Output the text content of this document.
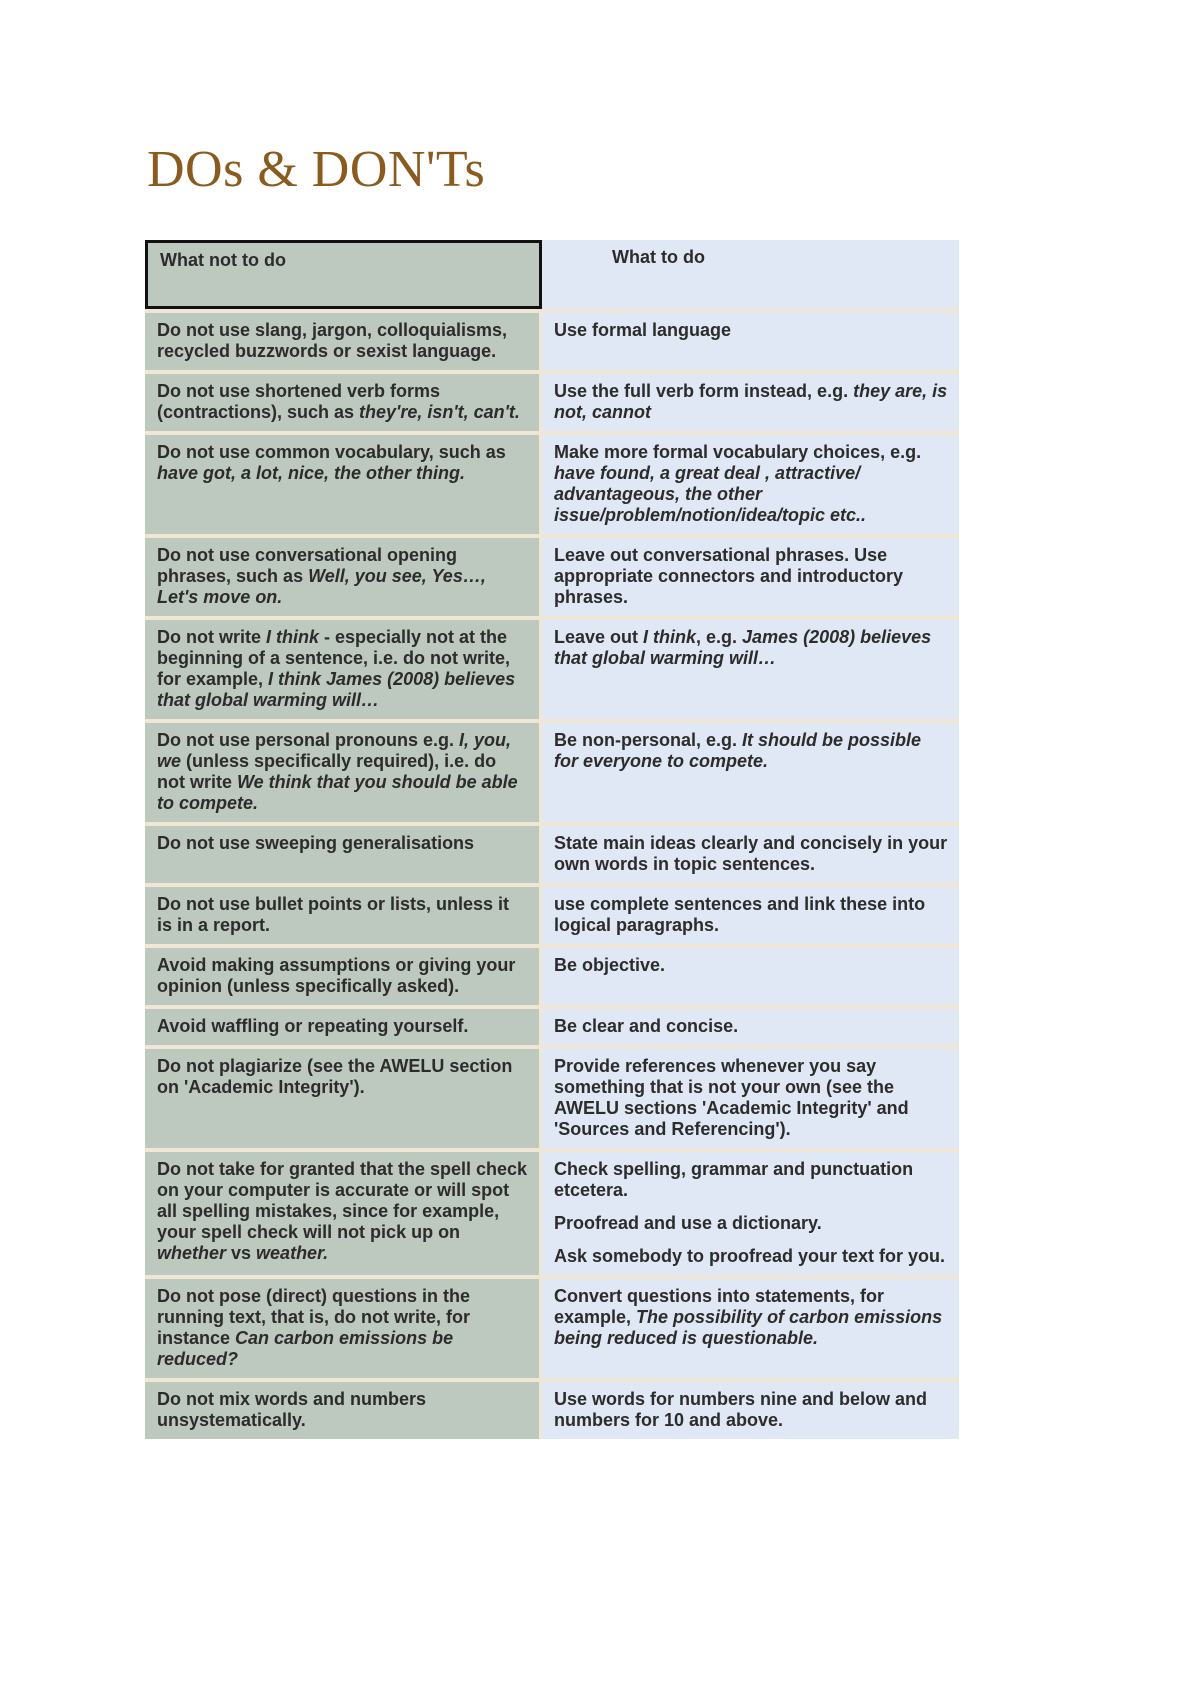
DOs & DON'Ts
What not to do	What to do
Do not use slang, jargon, colloquialisms, recycled buzzwords or sexist language.	Use formal language

Do not use shortened verb forms (contractions), such as they're, isn't, can't.	Use the full verb form instead, e.g. they are, is not, cannot

Do not use common vocabulary, such as have got, a lot, nice, the other thing.	Make more formal vocabulary choices, e.g. have found, a great deal , attractive/ advantageous, the other issue/problem/notion/idea/topic etc..

Do not use conversational opening phrases, such as Well, you see, Yes…, Let's move on.	Leave out conversational phrases. Use appropriate connectors and introductory phrases.

Do not write I think - especially not at the beginning of a sentence, i.e. do not write, for example, I think James (2008) believes that global warming will…	Leave out I think, e.g. James (2008) believes that global warming will…

Do not use personal pronouns e.g. I, you, we (unless specifically required), i.e. do not write We think that you should be able to compete.	Be non-personal, e.g. It should be possible for everyone to compete.

Do not use sweeping generalisations	State main ideas clearly and concisely in your own words in topic sentences.

Do not use bullet points or lists, unless it is in a report.	use complete sentences and link these into logical paragraphs.

Avoid making assumptions or giving your opinion (unless specifically asked).	Be objective.

Avoid waffling or repeating yourself.	Be clear and concise.

Do not plagiarize (see the AWELU section on 'Academic Integrity').	Provide references whenever you say something that is not your own (see the AWELU sections 'Academic Integrity' and 'Sources and Referencing').

Do not take for granted that the spell check on your computer is accurate or will spot all spelling mistakes, since for example, your spell check will not pick up on whether vs weather.	Check spelling, grammar and punctuation etcetera.
Proofread and use a dictionary.
Ask somebody to proofread your text for you.

Do not pose (direct) questions in the running text, that is, do not write, for instance Can carbon emissions be reduced?	Convert questions into statements, for example, The possibility of carbon emissions being reduced is questionable.

Do not mix words and numbers unsystematically.	Use words for numbers nine and below and numbers for 10 and above.
